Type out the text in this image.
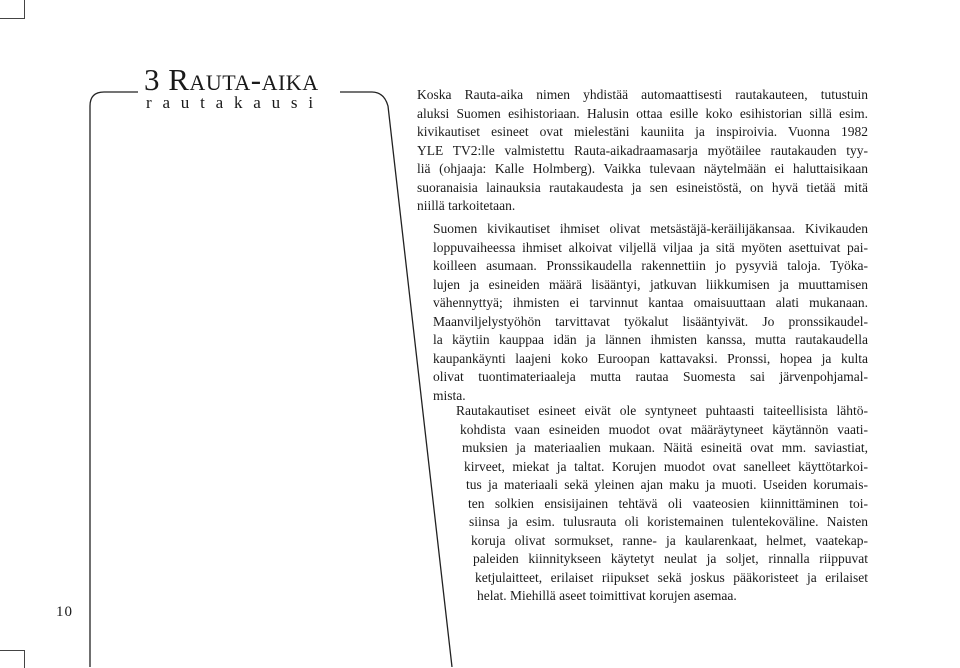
3 Rauta-aika
rautakausi	Koska Rauta-aika nimen yhdistää automaattisesti rautakauteen, tutustuin
aluksi Suomen esihistoriaan. Halusin ottaa esille koko esihistorian sillä esim.
kivikautiset esineet ovat mielestäni kauniita ja inspiroivia. Vuonna 1982
YLE TV2:lle valmistettu Rauta-aikadraamasarja myötäilee rautakauden tyy-
liä (ohjaaja: Kalle Holmberg). Vaikka tulevaan näytelmään ei haluttaisikaan
suoranaisia lainauksia rautakaudesta ja sen esineistöstä, on hyvä tietää mitä
niillä tarkoitetaan.
Suomen kivikautiset ihmiset olivat metsästäjä-keräilijäkansaa. Kivikauden
loppuvaiheessa ihmiset alkoivat viljellä viljaa ja sitä myöten asettuivat pai-
koilleen asumaan. Pronssikaudella rakennettiin jo pysyviä taloja. Työka-
lujen ja esineiden määrä lisääntyi, jatkuvan liikkumisen ja muuttamisen
vähennyttyä; ihmisten ei tarvinnut kantaa omaisuuttaan alati mukanaan.
Maanviljelystyöhön tarvittavat työkalut lisääntyivät. Jo pronssikaudel-
la käytiin kauppaa idän ja lännen ihmisten kanssa, mutta rautakaudella
kaupankäynti laajeni koko Euroopan kattavaksi. Pronssi, hopea ja kulta
olivat tuontimateriaaleja mutta rautaa Suomesta sai järvenpohjamal-
mista.
Rautakautiset esineet eivät ole syntyneet puhtaasti taiteellisista lähtö-
kohdista vaan esineiden muodot ovat määräytyneet käytännön vaati-
muksien ja materiaalien mukaan. Näitä esineitä ovat mm. saviastiat,
kirveet, miekat ja taltat. Korujen muodot ovat sanelleet käyttötarkoi-
tus ja materiaali sekä yleinen ajan maku ja muoti. Useiden korumais-
ten solkien ensisijainen tehtävä oli vaateosien kiinnittäminen toi-
siinsa ja esim. tulusrauta oli koristemainen tulentekoväline. Naisten
koruja olivat sormukset, ranne- ja kaularenkaat, helmet, vaatekap-
paleiden kiinnitykseen käytetyt neulat ja soljet, rinnalla riippuvat
ketjulaitteet, erilaiset riipukset sekä joskus pääkoristeet ja erilaiset
helat. Miehillä aseet toimittivat korujen asemaa.
10
